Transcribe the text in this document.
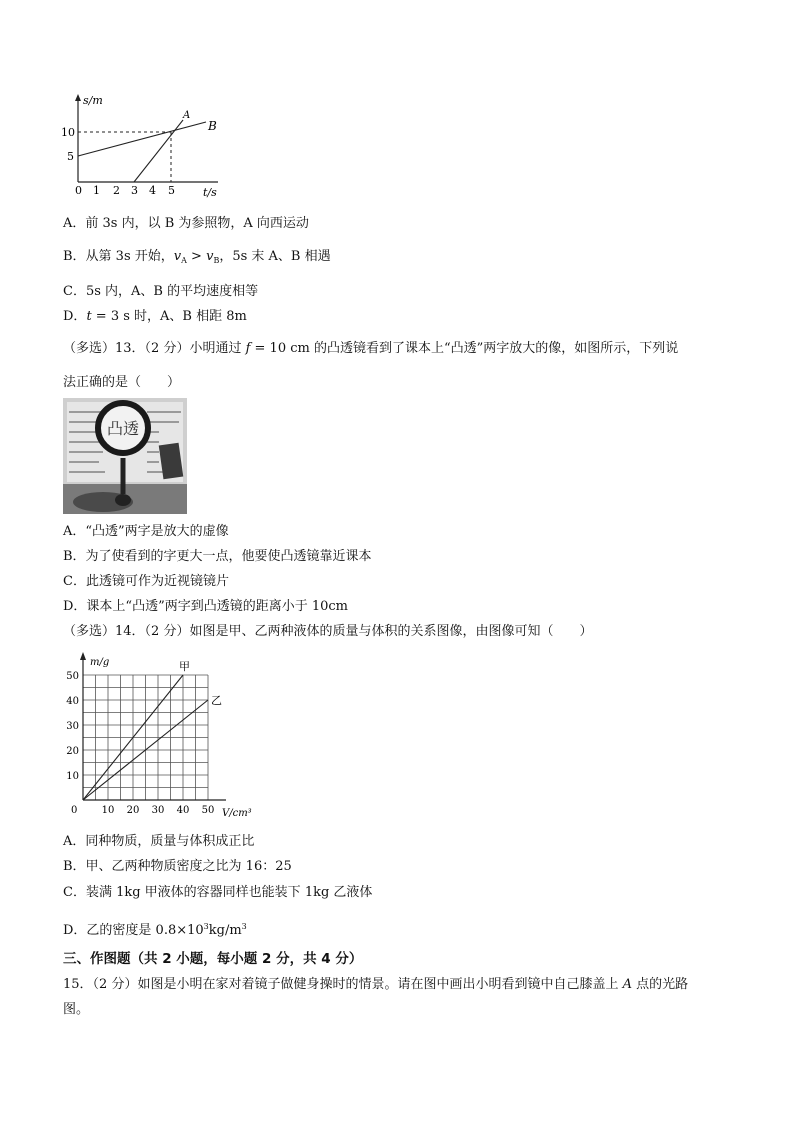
s/m
t/s
A
B
10
5
0 1 2 3 4 5
A．前 3s 内，以 B 为参照物，A 向西运动
B．从第 3s 开始，$v_A > v_B$，5s 末 A、B 相遇
C．5s 内，A、B 的平均速度相等
D．t = 3 s 时，A、B 相距 8m
（多选）13．（2 分）小明通过 f = 10 cm 的凸透镜看到了课本上“凸透”两字放大的像，如图所示，下列说
法正确的是（　　）
凸透
A．“凸透”两字是放大的虚像
B．为了使看到的字更大一点，他要使凸透镜靠近课本
C．此透镜可作为近视镜镜片
D．课本上“凸透”两字到凸透镜的距离小于 10cm
（多选）14．（2 分）如图是甲、乙两种液体的质量与体积的关系图像，由图像可知（　　）
甲
乙
10 20 30 40 50
50
40
30
20
10
0
m/g
V/cm³
A．同种物质，质量与体积成正比
B．甲、乙两种物质密度之比为 16：25
C．装满 1kg 甲液体的容器同样也能装下 1kg 乙液体
D．乙的密度是 $0.8\times 10^3kg/m^3$
三、作图题（共 2 小题，每小题 2 分，共 4 分）
15．（2 分）如图是小明在家对着镜子做健身操时的情景。请在图中画出小明看到镜中自己膝盖上 A 点的光路
图。
